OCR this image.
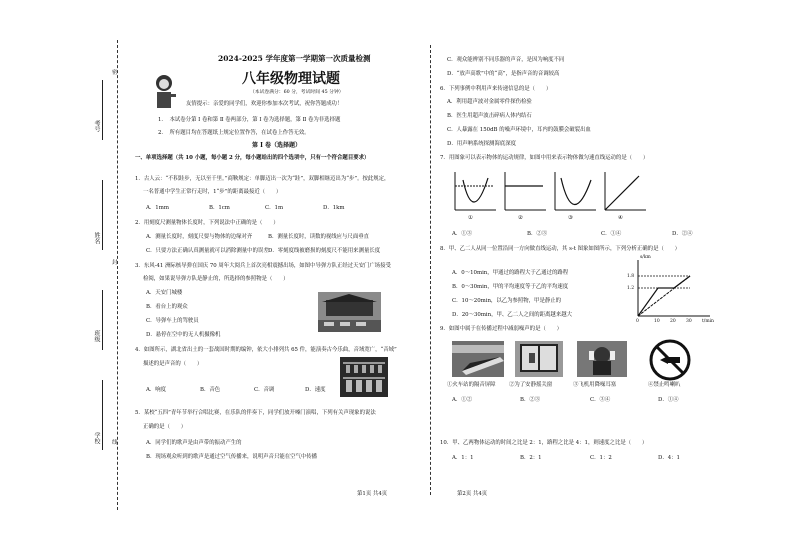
考号
姓名
班级
学校
密
封
线
2024-2025 学年度第一学期第一次质量检测
八年级物理试题
（本试卷满分：60 分，考试时间 45 分钟）
友情提示：亲爱的同学们，欢迎你参加本次考试，祝你答题成功！
1．　本试卷分第 Ⅰ 卷和第 Ⅱ 卷两部分，第 Ⅰ 卷为选择题，第 Ⅱ 卷为非选择题
2．　所有题目均在答题纸上规定位置作答，在试卷上作答无效。
第 Ⅰ 卷（选择题）
一、单项选择题（共 10 小题，每小题 2 分，每小题给出的四个选项中，只有一个符合题目要求）
1．古人云：“不积跬步，无以至千里。”商鞅规定：单脚迈出一次为“跬”，双脚相继迈出为“步”。按此规定，
一名普通中学生正常行走时，1“步”的距离最接近（　　）
A．1mm	B．1cm	C．1m	D．1km
2．用刻度尺测量物体长度时，下列说法中正确的是（　　）
A．测量长度时，刻度尺要与物体的边缘对齐	B．测量长度时，读数的视线应与尺面垂直
C．只要方法正确认真测量就可以消除测量中的误差 D．零刻度线被磨损的刻度尺不能用来测量长度
3．东风-41 洲际核导弹在国庆 70 周年大阅兵上首次亮相震撼出场，如图中导弹方队正经过天安门广场接受
检阅，如果说导弹方队是静止的，所选择的参照物是（　　）
A．天安门城楼
B．看台上的观众
C．导弹车上的驾驶员
D．悬停在空中的无人机摄像机
4．如图所示，湖北省出土的一套战国时期的编钟，依大小排列共 65 件，能演奏古今乐曲，音域宽广，“音域”
描述的是声音的（　　）
A．响度	B．音色	C．音调	D．速度
5．某校“五四”青年节举行合唱比赛，在乐队的伴奏下，同学们放开嗓门演唱，下列有关声现象的说法
正确的是（　　）
A．同学们的歌声是由声带的振动产生的
B．现场观众听到的歌声是通过空气传播来，说明声音只能在空气中传播
C．观众能辨别不同乐器的声音，是因为响度不同
D．“放声高歌”中的“高”，是指声音的音调较高
6．下列事例中利用声来传递信息的是（　　）
A．利用超声波对金属零件探伤检验
B．医生用超声波击碎病人体内结石
C．人暴露在 150dB 的噪声环境中，耳内的鼓膜会破裂出血
D．用声呐系统探测海底深度
7．用图象可以表示物体的运动规律，如图中用来表示物体做匀速直线运动的是（　　）
①	②	③	④
A．①③	B．②③	C．①④	D．②④
8．甲、乙二人从同一位置沿同一方向做直线运动，其 s-t 图象如图所示，下列分析正确的是（　　）
A．0～10min，甲通过的路程大于乙通过的路程
B．0～30min，甲的平均速度等于乙的平均速度
C．10～20min，以乙为参照物，甲是静止的
D．20～30min，甲、乙二人之间的距离越来越大
s/km
1.8
1.2
0	10 20 30 t/min
9．如图中属于在传播过程中减弱噪声的是（　　）
①火车站的隔音屏障 ②为了安静摇关窗	③飞机用降噪耳塞	④禁止鸣喇叭
A．①②	B．②③	C．③④	D．①④
10．甲、乙两物体运动的时间之比是 2：1，路程之比是 4：1，则速度之比是（　　）
A．1：1	B．2：1	C．1：2	D．4：1
第1页 共4页	第2页 共4页
